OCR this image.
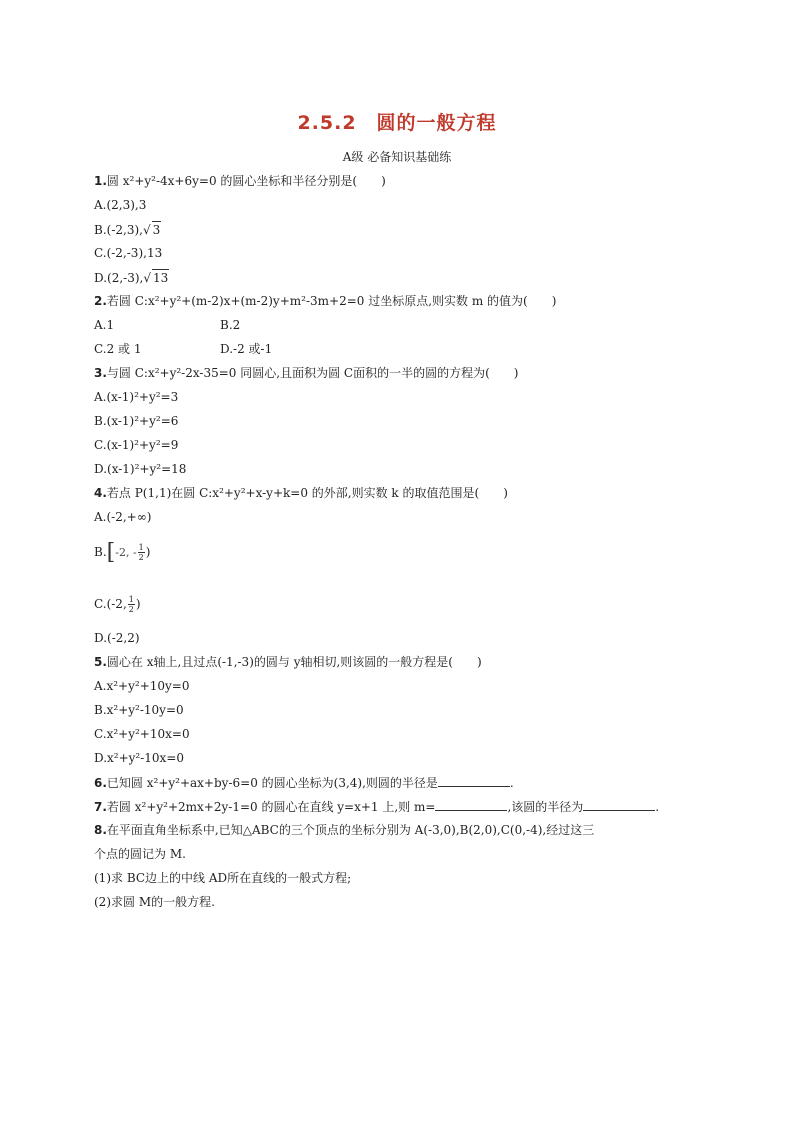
2.5.2　圆的一般方程
A级 必备知识基础练
1.圆 x²+y²-4x+6y=0 的圆心坐标和半径分别是(　　)
A.(2,3),3
B.(-2,3),√ 3
C.(-2,-3),13
D.(2,-3),√ 13
2.若圆 C:x²+y²+(m-2)x+(m-2)y+m²-3m+2=0 过坐标原点,则实数 m 的值为(　　)
A.1	B.2
C.2 或 1	D.-2 或-1
3.与圆 C:x²+y²-2x-35=0 同圆心,且面积为圆 C面积的一半的圆的方程为(　　)
A.(x-1)²+y²=3
B.(x-1)²+y²=6
C.(x-1)²+y²=9
D.(x-1)²+y²=18
4.若点 P(1,1)在圆 C:x²+y²+x-y+k=0 的外部,则实数 k 的取值范围是(　　)
A.(-2,+∞)
B.[-2, - $\frac{1}{2}$ )
C.(-2, $\frac{1}{2}$ )
D.(-2,2)
5.圆心在 x轴上,且过点(-1,-3)的圆与 y轴相切,则该圆的一般方程是(　　)
A.x²+y²+10y=0
B.x²+y²-10y=0
C.x²+y²+10x=0
D.x²+y²-10x=0
6.已知圆 x²+y²+ax+by-6=0 的圆心坐标为(3,4),则圆的半径是	.
7.若圆 x²+y²+2mx+2y-1=0 的圆心在直线 y=x+1 上,则 m=	,该圆的半径为	.
8.在平面直角坐标系中,已知△ABC的三个顶点的坐标分别为 A(-3,0),B(2,0),C(0,-4),经过这三
个点的圆记为 M.
(1)求 BC边上的中线 AD所在直线的一般式方程;
(2)求圆 M的一般方程.
